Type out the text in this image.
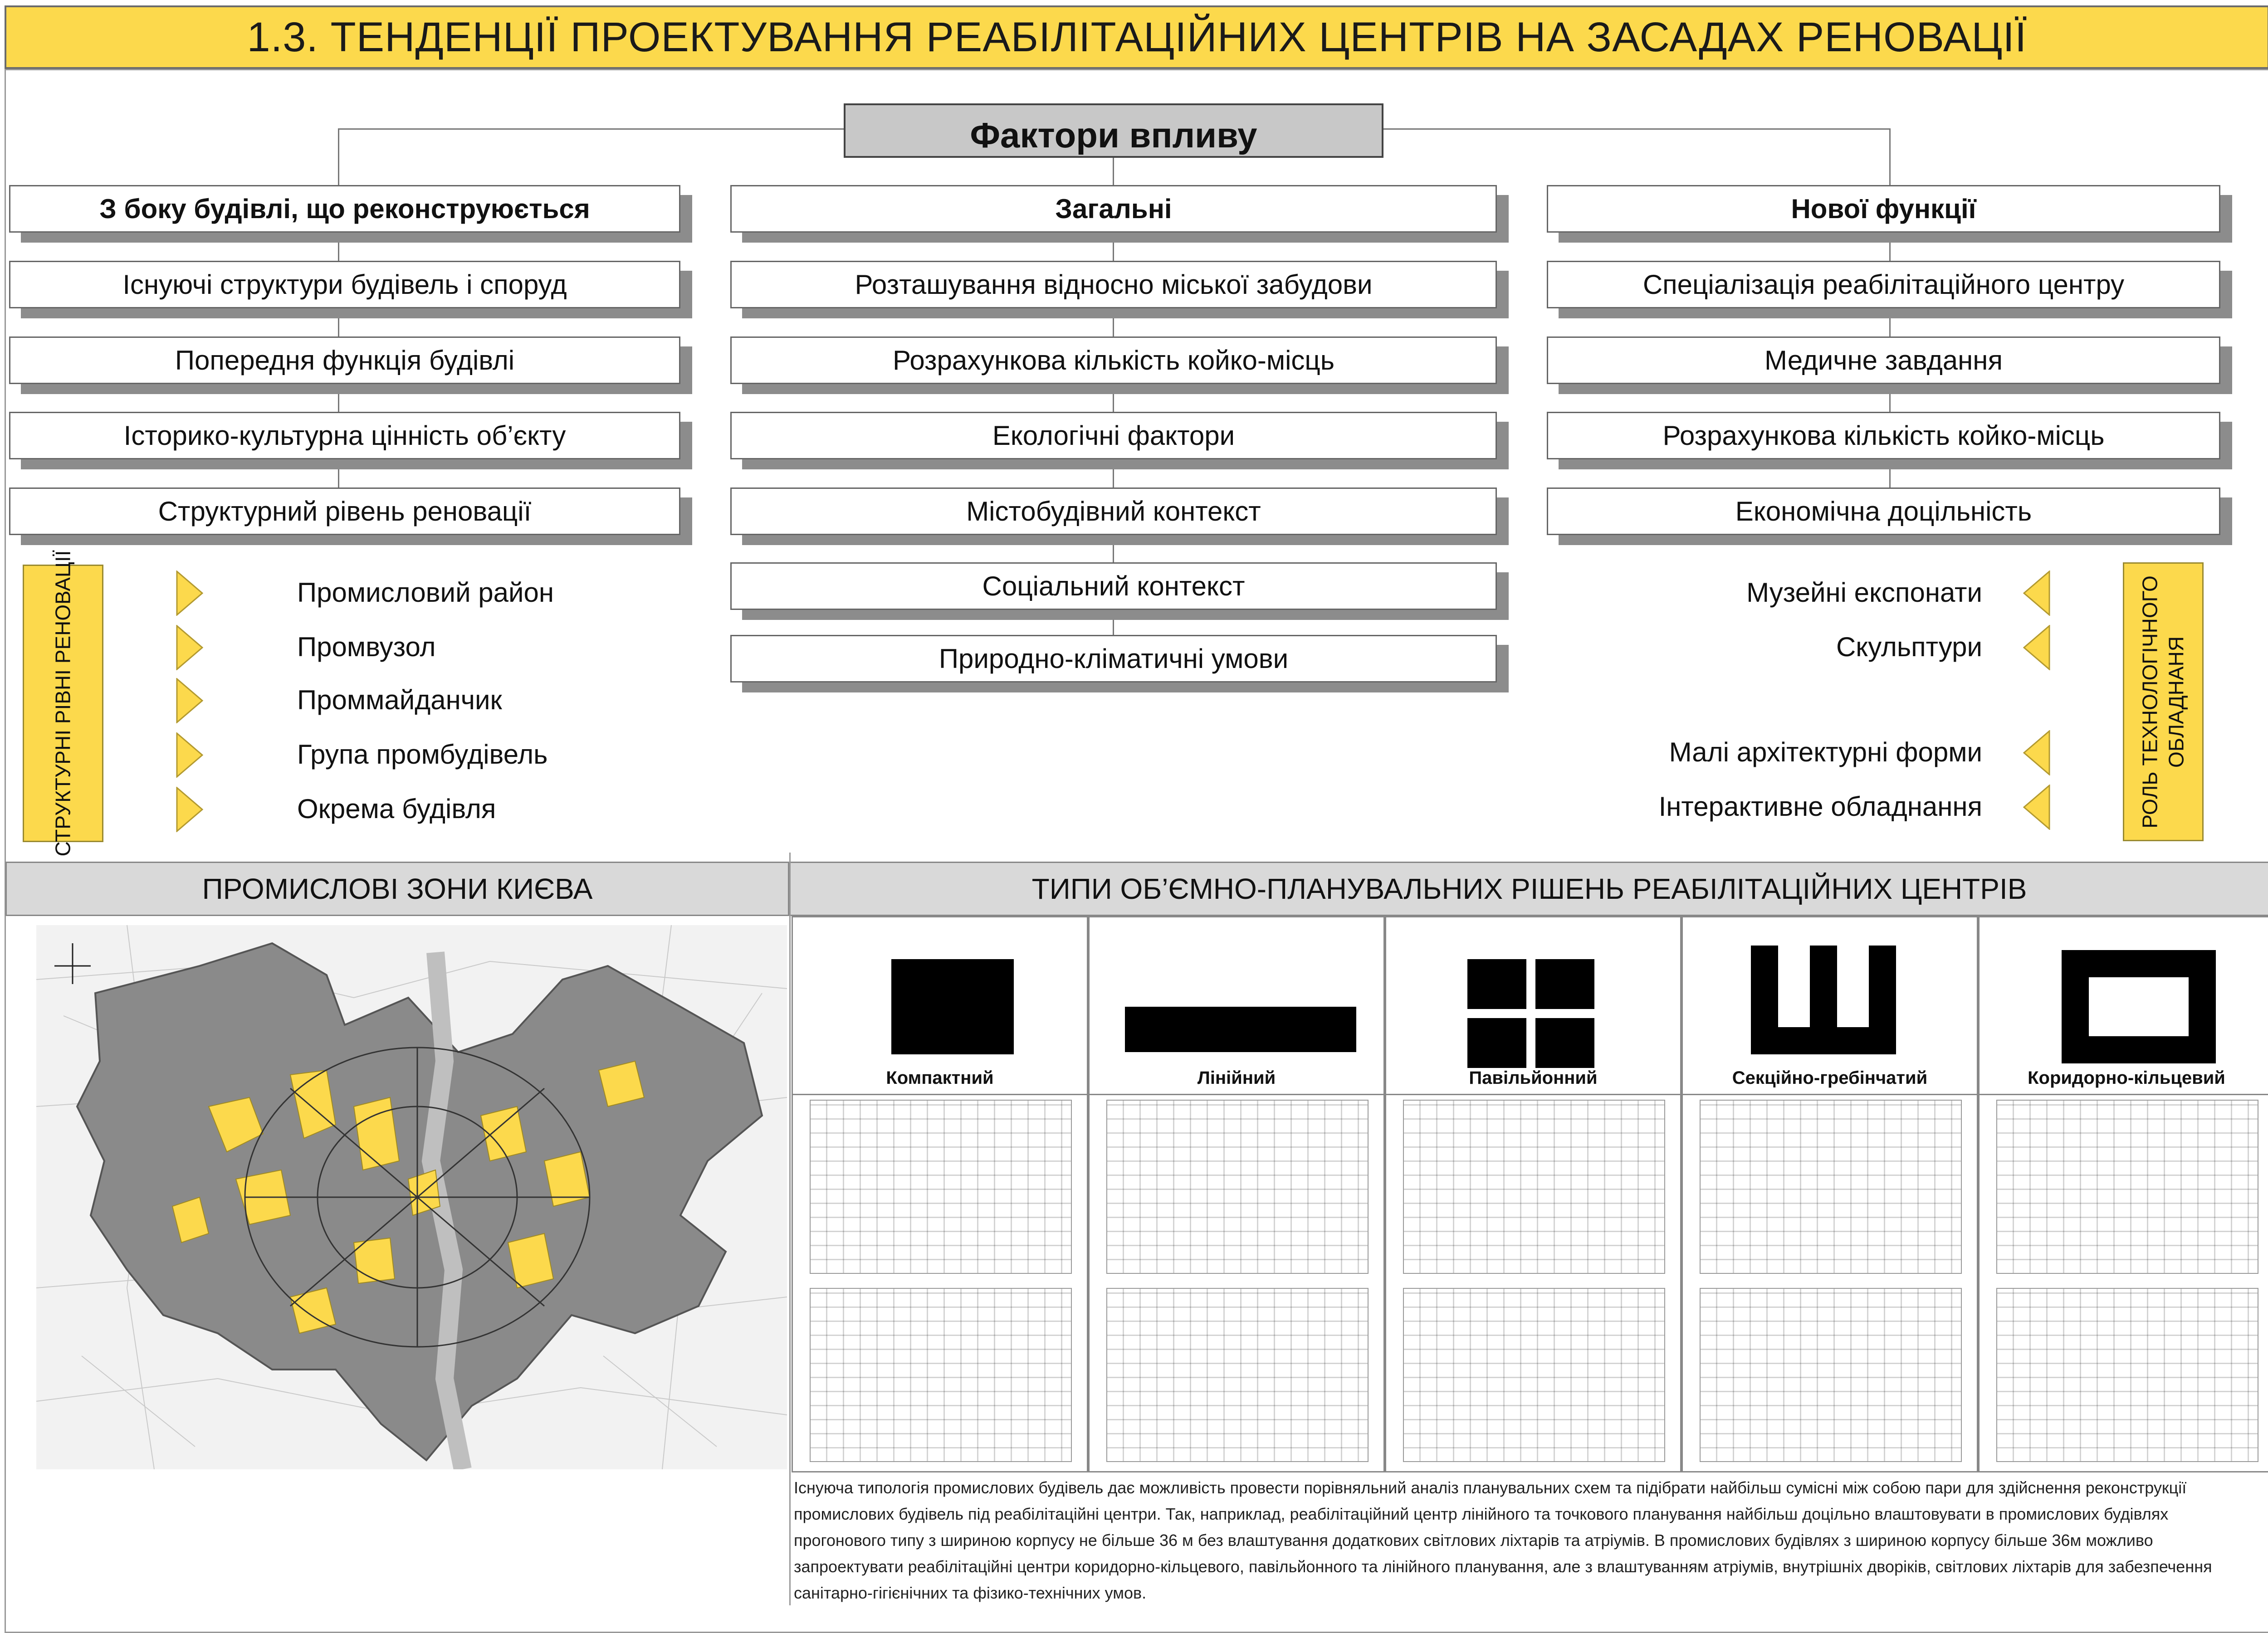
1.3. ТЕНДЕНЦІЇ ПРОЕКТУВАННЯ РЕАБІЛІТАЦІЙНИХ ЦЕНТРІВ НА ЗАСАДАХ РЕНОВАЦІЇ
Фактори впливу
З боку будівлі, що реконструюється
Існуючі структури будівель і споруд
Попередня функція будівлі
Історико-культурна цінність об’єкту
Структурний рівень реновації
Загальні
Розташування відносно міської забудови
Розрахункова кількість койко-місць
Екологічні фактори
Містобудівний контекст
Соціальний контекст
Природно-кліматичні умови
Нової функції
Спеціалізація реабілітаційного центру
Медичне завдання
Розрахункова кількість койко-місць
Економічна доцільність
СТРУКТУРНІ РІВНІ РЕНОВАЦІЇ	РОЛЬ ТЕХНОЛОГІЧНОГО ОБЛАДНАНЯ
Промисловий район
Промвузол
Проммайданчик
Група промбудівель
Окрема будівля
Музейні експонати
Скульптури
Малі архітектурні форми
Інтерактивне обладнання
ПРОМИСЛОВІ ЗОНИ КИЄВА	ТИПИ ОБ’ЄМНО-ПЛАНУВАЛЬНИХ РІШЕНЬ РЕАБІЛІТАЦІЙНИХ ЦЕНТРІВ
Компактний	Лінійний	Павільйонний	Секційно-гребінчатий	Коридорно-кільцевий
Існуюча типологія промислових будівель дає можливість провести порівняльний аналіз планувальних схем та підібрати найбільш сумісні між собою пари для здійснення реконструкції промислових будівель під реабілітаційні центри. Так, наприклад, реабілітаційний центр лінійного та точкового планування найбільш доцільно влаштовувати в промислових будівлях прогонового типу з шириною корпусу не більше 36 м без влаштування додаткових світлових ліхтарів та атріумів. В промислових будівлях з шириною корпусу більше 36м можливо запроектувати реабілітаційні центри коридорно-кільцевого, павільйонного та лінійного планування, але з влаштуванням атріумів, внутрішніх дворіків, світлових ліхтарів для забезпечення санітарно-гігієнічних та фізико-технічних умов.
